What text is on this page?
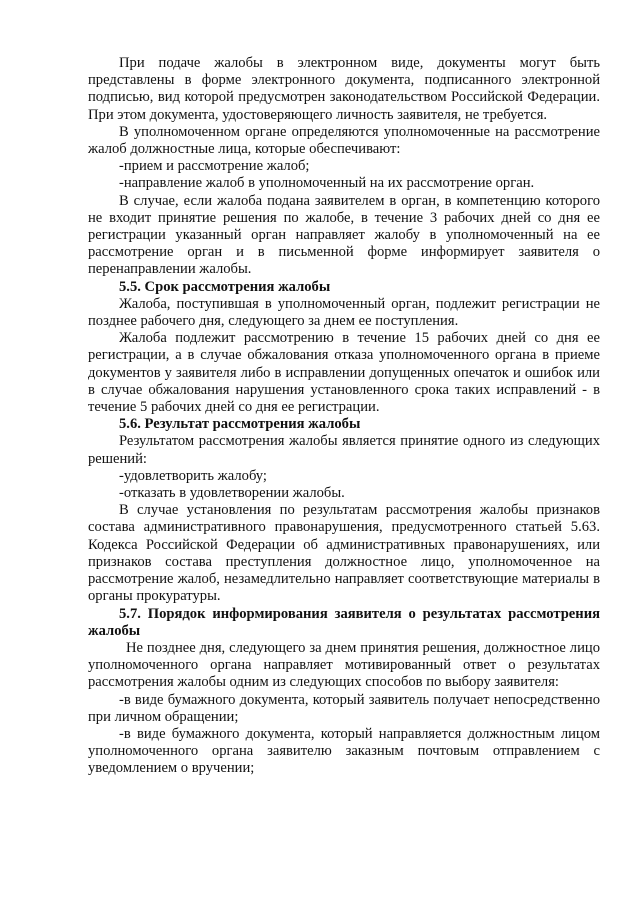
При подаче жалобы в электронном виде, документы могут быть представлены в форме электронного документа, подписанного электронной подписью, вид которой предусмотрен законодательством Российской Федерации. При этом документа, удостоверяющего личность заявителя, не требуется.

В уполномоченном органе определяются уполномоченные на рассмотрение жалоб должностные лица, которые обеспечивают:

-прием и рассмотрение жалоб;

-направление жалоб в уполномоченный на их рассмотрение орган.

В случае, если жалоба подана заявителем в орган, в компетенцию которого не входит принятие решения по жалобе, в течение 3 рабочих дней со дня ее регистрации указанный орган направляет жалобу в уполномоченный на ее рассмотрение орган и в письменной форме информирует заявителя о перенаправлении жалобы.

5.5. Срок рассмотрения жалобы

Жалоба, поступившая в уполномоченный орган, подлежит регистрации не позднее рабочего дня, следующего за днем ее поступления.

Жалоба подлежит рассмотрению в течение 15 рабочих дней со дня ее регистрации, а в случае обжалования отказа уполномоченного органа в приеме документов у заявителя либо в исправлении допущенных опечаток и ошибок или в случае обжалования нарушения установленного срока таких исправлений - в течение 5 рабочих дней со дня ее регистрации.

5.6. Результат рассмотрения жалобы

Результатом рассмотрения жалобы является принятие одного из следующих решений:

-удовлетворить жалобу;

-отказать в удовлетворении жалобы.

В случае установления по результатам рассмотрения жалобы признаков состава административного правонарушения, предусмотренного статьей 5.63. Кодекса Российской Федерации об административных правонарушениях, или признаков состава преступления должностное лицо, уполномоченное на рассмотрение жалоб, незамедлительно направляет соответствующие материалы в органы прокуратуры.

5.7. Порядок информирования заявителя о результатах рассмотрения жалобы

Не позднее дня, следующего за днем принятия решения, должностное лицо уполномоченного органа направляет мотивированный ответ о результатах рассмотрения жалобы одним из следующих способов по выбору заявителя:

-в виде бумажного документа, который заявитель получает непосредственно при личном обращении;

-в виде бумажного документа, который направляется должностным лицом уполномоченного органа заявителю заказным почтовым отправлением с уведомлением о вручении;
